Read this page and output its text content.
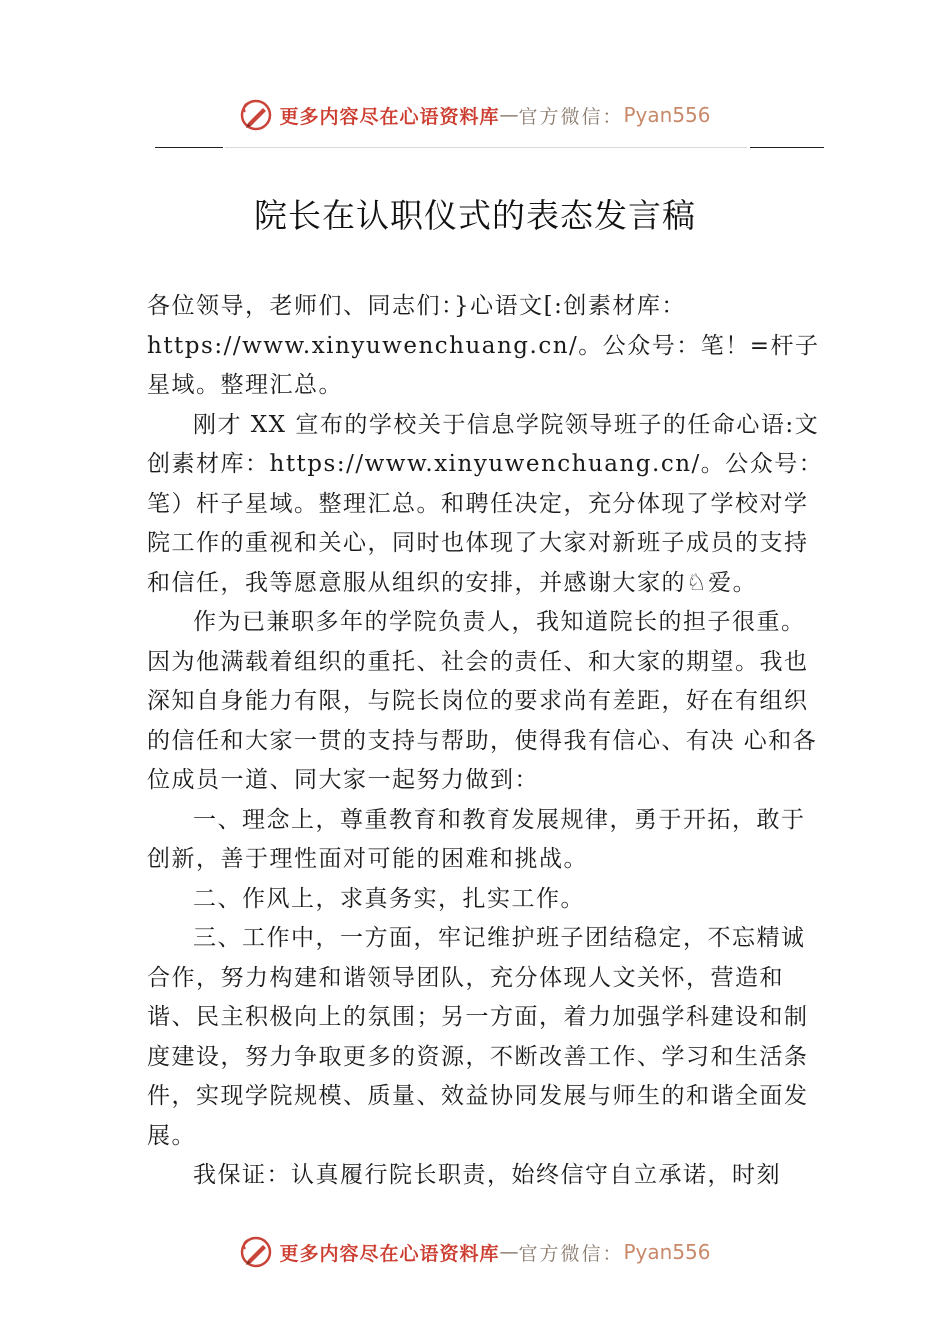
更多内容尽在心语资料库 — 官方微信： Pyan556
院长在认职仪式的表态发言稿

各位领导，老师们、同志们：}心语文[:创素材库：https://www.xinyuwenchuang.cn/。公众号：笔！=杆子星域。整理汇总。

刚才 XX 宣布的学校关于信息学院领导班子的任命心语:文创素材库：https://www.xinyuwenchuang.cn/。公众号：笔）杆子星域。整理汇总。和聘任决定，充分体现了学校对学院工作的重视和关心，同时也体现了大家对新班子成员的支持和信任，我等愿意服从组织的安排，并感谢大家的♘爱。

作为已兼职多年的学院负责人，我知道院长的担子很重。因为他满载着组织的重托、社会的责任、和大家的期望。我也深知自身能力有限，与院长岗位的要求尚有差距，好在有组织的信任和大家一贯的支持与帮助，使得我有信心、有决 心和各位成员一道、同大家一起努力做到：

一、理念上，尊重教育和教育发展规律，勇于开拓，敢于创新，善于理性面对可能的困难和挑战。

二、作风上，求真务实，扎实工作。

三、工作中，一方面，牢记维护班子团结稳定，不忘精诚合作，努力构建和谐领导团队，充分体现人文关怀，营造和谐、民主积极向上的氛围；另一方面，着力加强学科建设和制度建设，努力争取更多的资源，不断改善工作、学习和生活条件，实现学院规模、质量、效益协同发展与师生的和谐全面发展。

我保证：认真履行院长职责，始终信守自立承诺，时刻

更多内容尽在心语资料库 — 官方微信： Pyan556
